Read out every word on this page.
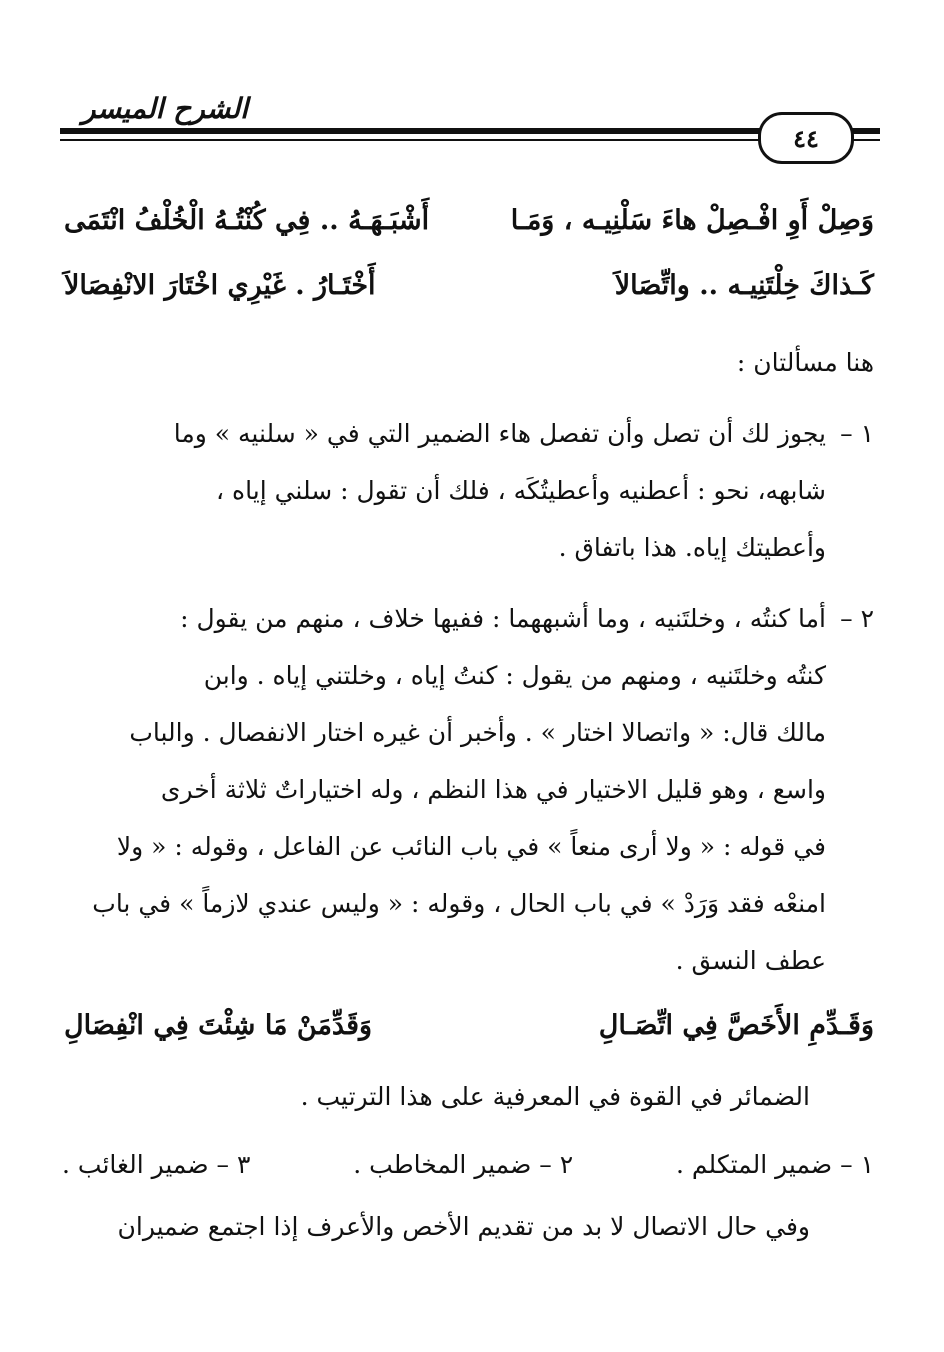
الشرح الميسر
٤٤
وَصِلْ أَوِ افْـصِلْ هاءَ سَلْنِيـه ، وَمَـا
أَشْبَـهَـهُ .. فِي كُنْتُـهُ الْخُلْفُ انْتَمَى
كَـذاكَ خِلْتَنِيـه .. واتِّصَالاَ
أَخْتَـارُ . غَيْرِي اخْتَارَ الانْفِصَالاَ
هنا مسألتان :
١ –يجوز لك أن تصل وأن تفصل هاء الضمير التي في « سلنيه » وما
شابهه، نحو : أعطنيه وأعطيتُكَه ، فلك أن تقول : سلني إياه ،
وأعطيتك إياه. هذا باتفاق .
٢ –أما كنتُه ، وخلتَنيه ، وما أشبههما : ففيها خلاف ، منهم من يقول :
كنتُه وخلتَنيه ، ومنهم من يقول : كنتُ إياه ، وخلتني إياه . وابن
مالك قال: « واتصالا اختار » . وأخبر أن غيره اختار الانفصال . والباب
واسع ، وهو قليل الاختيار في هذا النظم ، وله اختياراتٌ ثلاثة أخرى
في قوله : « ولا أرى منعاً » في باب النائب عن الفاعل ، وقوله : « ولا
امنعْه فقد وَرَدْ » في باب الحال ، وقوله : « وليس عندي لازماً » في باب
عطف النسق .
وَقَـدِّمِ الأَخَصَّ فِي اتِّصَـالِ
وَقَدِّمَنْ مَا شِئْتَ فِي انْفِصَالِ
الضمائر في القوة في المعرفية على هذا الترتيب .
١ – ضمير المتكلم .
٢ – ضمير المخاطب .
٣ – ضمير الغائب .
وفي حال الاتصال لا بد من تقديم الأخص والأعرف إذا اجتمع ضميران
